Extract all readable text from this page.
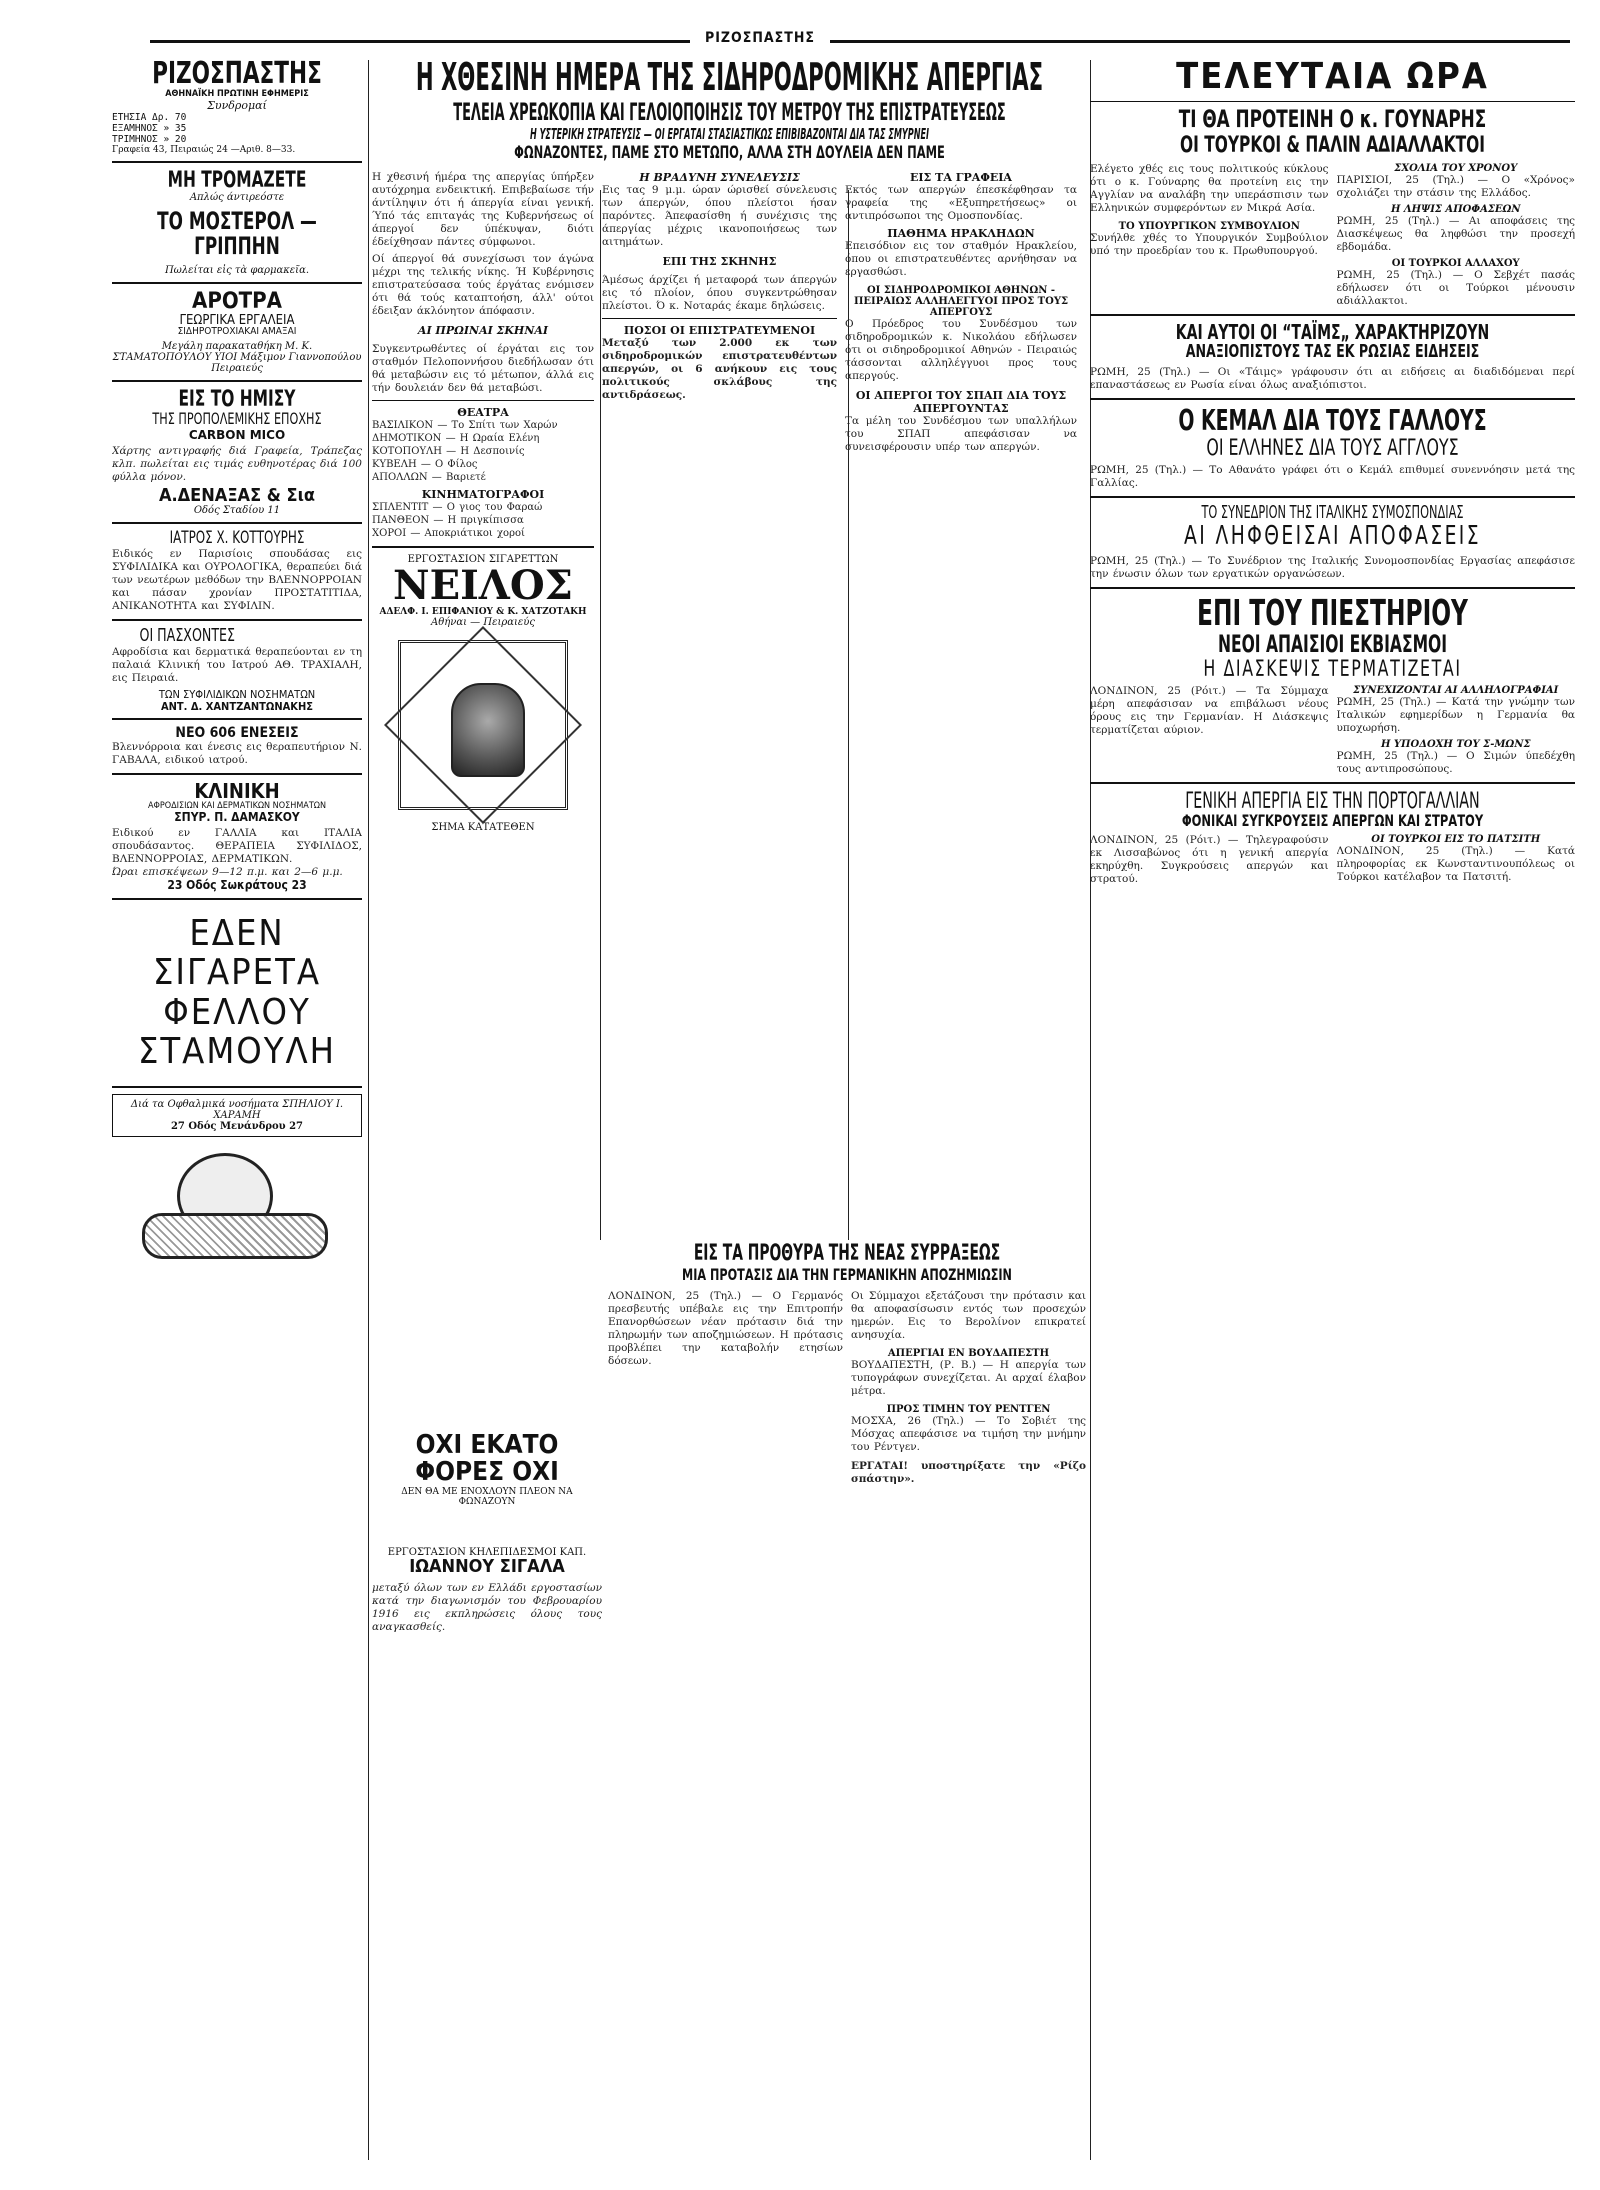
ΡΙΖΟΣΠΑΣΤΗΣ
ΡΙΖΟΣΠΑΣΤΗΣ
ΑΘΗΝΑΪΚΗ ΠΡΩΤΙΝΗ ΕΦΗΜΕΡΙΣ
Συνδρομαί
ΕΤΗΣΙΑ Δρ. 70
ΕΞΑΜΗΝΟΣ » 35
ΤΡΙΜΗΝΟΣ » 20
Γραφεία 43, Πειραιώς 24 —Αριθ. 8—33.
ΜΗ ΤΡΟΜΑΖΕΤΕ
Απλώς άντιρεόστε
ΤΟ ΜΟΣΤΕΡΟΛ — ΓΡΙΠΠΗΝ
Πωλείται εἰς τὰ φαρμακεῖα.
ΑΡΟΤΡΑ
ΓΕΩΡΓΙΚΑ ΕΡΓΑΛΕΙΑ
ΣΙΔΗΡΟΤΡΟΧΙΑΚΑΙ ΑΜΑΞΑΙ
Μεγάλη παρακαταθήκη Μ. Κ. ΣΤΑΜΑΤΟΠΟΥΛΟΥ ΥΙΟΙ Μάξιμον Γιαννοπούλου Πειραιεύς
ΕΙΣ ΤΟ ΗΜΙΣΥ
ΤΗΣ ΠΡΟΠΟΛΕΜΙΚΗΣ ΕΠΟΧΗΣ
CARBON MICO
Χάρτης αντιγραφής διά Γραφεία, Τράπεζας κλπ. πωλείται εις τιμάς ευθηνοτέρας διά 100 φύλλα μόνον.
Α.ΔΕΝΑΞΑΣ & Σια
Οδός Σταδίου 11
ΙΑΤΡΟΣ Χ. ΚΟΤΤΟΥΡΗΣ
Ειδικός εν Παρισίοις σπουδάσας εις ΣΥΦΙΛΙΔΙΚΑ και ΟΥΡΟΛΟΓΙΚΑ, θεραπεύει διά των νεωτέρων μεθόδων την ΒΛΕΝΝΟΡΡΟΙΑΝ και πάσαν χρονίαν ΠΡΟΣΤΑΤΙΤΙΔΑ, ΑΝΙΚΑΝΟΤΗΤΑ και ΣΥΦΙΛΙΝ.
ΟΙ ΠΑΣΧΟΝΤΕΣ
Αφροδίσια και δερματικά θεραπεύονται εν τη παλαιά Κλινική του Ιατρού ΑΘ. ΤΡΑΧΙΑΛΗ, εις Πειραιά.
ΤΩΝ ΣΥΦΙΛΙΔΙΚΩΝ ΝΟΣΗΜΑΤΩΝ
ΑΝΤ. Δ. ΧΑΝΤΖΑΝΤΩΝΑΚΗΣ
ΝΕΟ 606 ΕΝΕΣΕΙΣ
Βλεννόρροια και ένεσις εις θεραπευτήριον Ν. ΓΑΒΑΛΑ, ειδικού ιατρού.
ΚΛΙΝΙΚΗ
ΑΦΡΟΔΙΣΙΩΝ ΚΑΙ ΔΕΡΜΑΤΙΚΩΝ ΝΟΣΗΜΑΤΩΝ
ΣΠΥΡ. Π. ΔΑΜΑΣΚΟΥ
Ειδικού εν ΓΑΛΛΙΑ και ΙΤΑΛΙΑ σπουδάσαντος. ΘΕΡΑΠΕΙΑ ΣΥΦΙΛΙΔΟΣ, ΒΛΕΝΝΟΡΡΟΙΑΣ, ΔΕΡΜΑΤΙΚΩΝ.
Ώραι επισκέψεων 9—12 π.μ. και 2—6 μ.μ.
23 Οδός Σωκράτους 23
ΕΔΕΝ ΣΙΓΑΡΕΤΑ ΦΕΛΛΟΥ ΣΤΑΜΟΥΛΗ
Διά τα Οφθαλμικά νοσήματα ΣΠΗΛΙΟΥ Ι. ΧΑΡΑΜΗ
27 Οδός Μενάνδρου 27
Η ΧΘΕΣΙΝΗ ΗΜΕΡΑ ΤΗΣ ΣΙΔΗΡΟΔΡΟΜΙΚΗΣ ΑΠΕΡΓΙΑΣ
ΤΕΛΕΙΑ ΧΡΕΩΚΟΠΙΑ ΚΑΙ ΓΕΛΟΙΟΠΟΙΗΣΙΣ ΤΟΥ ΜΕΤΡΟΥ ΤΗΣ ΕΠΙΣΤΡΑΤΕΥΣΕΩΣ
Η ΥΣΤΕΡΙΚΗ ΣΤΡΑΤΕΥΣΙΣ — ΟΙ ΕΡΓΑΤΑΙ ΣΤΑΣΙΑΣΤΙΚΩΣ ΕΠΙΒΙΒΑΖΟΝΤΑΙ ΔΙΑ ΤΑΣ ΣΜΥΡΝΕΙ
ΦΩΝΑΖΟΝΤΕΣ, ΠΑΜΕ ΣΤΟ ΜΕΤΩΠΟ, ΑΛΛΑ ΣΤΗ ΔΟΥΛΕΙΑ ΔΕΝ ΠΑΜΕ
Η χθεσινή ήμέρα της απεργίας ύπήρξεν αυτόχρημα ενδεικτική. Επιβεβαίωσε τήν άντίληψιν ότι ή άπεργία είναι γενική. Ύπό τάς επιταγάς της Κυβερνήσεως οί άπεργοί δεν ύπέκυψαν, διότι έδείχθησαν πάντες σύμφωνοι.
Οί άπεργοί θά συνεχίσωσι τον άγώνα μέχρι της τελικής νίκης. Ή Κυβέρνησις επιστρατεύσασα τούς έργάτας ενόμισεν ότι θά τούς καταπτοήση, άλλ' ούτοι έδειξαν άκλόνητον άπόφασιν.
ΑΙ ΠΡΩΙΝΑΙ ΣΚΗΝΑΙ
Συγκεντρωθέντες οί έργάται εις τον σταθμόν Πελοποννήσου διεδήλωσαν ότι θά μεταβώσιν εις τό μέτωπον, άλλά εις τήν δουλειάν δεν θά μεταβώσι.
ΘΕΑΤΡΑ
ΒΑΣΙΛΙΚΟΝ — Το Σπίτι των Χαρών
ΔΗΜΟΤΙΚΟΝ — Η Ωραία Ελένη
ΚΟΤΟΠΟΥΛΗ — Η Δεσποινίς
ΚΥΒΕΛΗ — Ο Φίλος
ΑΠΟΛΛΩΝ — Βαριετέ
ΚΙΝΗΜΑΤΟΓΡΑΦΟΙ
ΣΠΛΕΝΤΙΤ — Ο γιος του Φαραώ
ΠΑΝΘΕΟΝ — Η πριγκίπισσα
ΧΟΡΟΙ — Αποκριάτικοι χοροί
ΕΡΓΟΣΤΑΣΙΟΝ ΣΙΓΑΡΕΤΤΩΝ
ΝΕΙΛΟΣ
ΑΔΕΛΦ. Ι. ΕΠΙΦΑΝΙΟΥ & Κ. ΧΑΤΖΟΤΑΚΗ
Αθήναι — Πειραιεύς
ΣΗΜΑ ΚΑΤΑΤΕΘΕΝ
Η ΒΡΑΔΥΝΗ ΣΥΝΕΛΕΥΣΙΣ
Εις τας 9 μ.μ. ώραν ώρισθεί σύνελευσις των άπεργών, όπου πλείστοι ήσαν παρόντες. Άπεφασίσθη ή συνέχισις της άπεργίας μέχρις ικανοποιήσεως των αιτημάτων.
ΕΠΙ ΤΗΣ ΣΚΗΝΗΣ
Άμέσως άρχίζει ή μεταφορά των άπεργών εις τό πλοίον, όπου συγκεντρώθησαν πλείστοι. Ό κ. Νοταράς έκαμε δηλώσεις.
ΠΟΣΟΙ ΟΙ ΕΠΙΣΤΡΑΤΕΥΜΕΝΟΙ
Μεταξύ των 2.000 εκ των σιδηροδρομικών επιστρατευθέντων απεργών, οι 6 ανήκουν εις τους πολιτικούς σκλάβους της αντιδράσεως.
ΕΙΣ ΤΑ ΓΡΑΦΕΙΑ
Εκτός των απεργών έπεσκέφθησαν τα γραφεία της «Εξυπηρετήσεως» οι αντιπρόσωποι της Ομοσπονδίας.
ΠΑΘΗΜΑ ΗΡΑΚΛΗΔΩΝ
Επεισόδιον εις τον σταθμόν Ηρακλείου, όπου οι επιστρατευθέντες αρνήθησαν να εργασθώσι.
ΟΙ ΣΙΔΗΡΟΔΡΟΜΙΚΟΙ ΑΘΗΝΩΝ - ΠΕΙΡΑΙΩΣ ΑΛΛΗΛΕΓΓΥΟΙ ΠΡΟΣ ΤΟΥΣ ΑΠΕΡΓΟΥΣ
Ο Πρόεδρος του Συνδέσμου των σιδηροδρομικών κ. Νικολάου εδήλωσεν ότι οι σιδηροδρομικοί Αθηνών - Πειραιώς τάσσονται αλληλέγγυοι προς τους απεργούς.
ΟΙ ΑΠΕΡΓΟΙ ΤΟΥ ΣΠΑΠ ΔΙΑ ΤΟΥΣ ΑΠΕΡΓΟΥΝΤΑΣ
Τα μέλη του Συνδέσμου των υπαλλήλων του ΣΠΑΠ απεφάσισαν να συνεισφέρουσιν υπέρ των απεργών.
ΟΧΙ ΕΚΑΤΟ ΦΟΡΕΣ ΟΧΙ
ΔΕΝ ΘΑ ΜΕ ΕΝΟΧΛΟΥΝ ΠΛΕΟΝ ΝΑ ΦΩΝΑΖΟΥΝ
ΕΡΓΟΣΤΑΣΙΟΝ ΚΗΛΕΠΙΔΕΣΜΟΙ ΚΑΠ.
ΙΩΑΝΝΟΥ ΣΙΓΑΛΑ
μεταξύ όλων των εν Ελλάδι εργοστασίων κατά την διαγωνισμόν του Φεβρουαρίου 1916 εις εκπληρώσεις όλους τους αναγκασθείς.
ΕΙΣ ΤΑ ΠΡΟΘΥΡΑ ΤΗΣ ΝΕΑΣ ΣΥΡΡΑΞΕΩΣ
ΜΙΑ ΠΡΟΤΑΣΙΣ ΔΙΑ ΤΗΝ ΓΕΡΜΑΝΙΚΗΝ ΑΠΟΖΗΜΙΩΣΙΝ
ΛΟΝΔΙΝΟΝ, 25 (Τηλ.) — Ο Γερμανός πρεσβευτής υπέβαλε εις την Επιτροπήν Επανορθώσεων νέαν πρότασιν διά την πληρωμήν των αποζημιώσεων. Η πρότασις προβλέπει την καταβολήν ετησίων δόσεων.
Οι Σύμμαχοι εξετάζουσι την πρότασιν και θα αποφασίσωσιν εντός των προσεχών ημερών. Εις το Βερολίνον επικρατεί ανησυχία.
ΑΠΕΡΓΙΑΙ ΕΝ ΒΟΥΔΑΠΕΣΤΗ
ΒΟΥΔΑΠΕΣΤΗ, (Ρ. Β.) — Η απεργία των τυπογράφων συνεχίζεται. Αι αρχαί έλαβον μέτρα.
ΠΡΟΣ ΤΙΜΗΝ ΤΟΥ ΡΕΝΤΓΕΝ
ΜΟΣΧΑ, 26 (Τηλ.) — Το Σοβιέτ της Μόσχας απεφάσισε να τιμήση την μνήμην του Ρέντγεν.
ΕΡΓΑΤΑΙ! υποστηρίξατε την «Ρίζο σπάστην».
ΤΕΛΕΥΤΑΙΑ ΩΡΑ
ΤΙ ΘΑ ΠΡΟΤΕΙΝΗ Ο κ. ΓΟΥΝΑΡΗΣ
ΟΙ ΤΟΥΡΚΟΙ & ΠΑΛΙΝ ΑΔΙΑΛΛΑΚΤΟΙ
Ελέγετο χθές εις τους πολιτικούς κύκλους ότι ο κ. Γούναρης θα προτείνη εις την Αγγλίαν να αναλάβη την υπεράσπισιν των Ελληνικών συμφερόντων εν Μικρά Ασία.
ΤΟ ΥΠΟΥΡΓΙΚΟΝ ΣΥΜΒΟΥΛΙΟΝ
Συνήλθε χθές το Υπουργικόν Συμβούλιον υπό την προεδρίαν του κ. Πρωθυπουργού.
ΣΧΟΛΙΑ ΤΟΥ ΧΡΟΝΟΥ
ΠΑΡΙΣΙΟΙ, 25 (Τηλ.) — Ο «Χρόνος» σχολιάζει την στάσιν της Ελλάδος.
Η ΛΗΨΙΣ ΑΠΟΦΑΣΕΩΝ
ΡΩΜΗ, 25 (Τηλ.) — Αι αποφάσεις της Διασκέψεως θα ληφθώσι την προσεχή εβδομάδα.
ΟΙ ΤΟΥΡΚΟΙ ΑΛΛΑΧΟΥ
ΡΩΜΗ, 25 (Τηλ.) — Ο Σεβχέτ πασάς εδήλωσεν ότι οι Τούρκοι μένουσιν αδιάλλακτοι.
ΚΑΙ ΑΥΤΟΙ ΟΙ “ΤΑΪΜΣ„ ΧΑΡΑΚΤΗΡΙΖΟΥΝ
ΑΝΑΞΙΟΠΙΣΤΟΥΣ ΤΑΣ ΕΚ ΡΩΣΙΑΣ ΕΙΔΗΣΕΙΣ
ΡΩΜΗ, 25 (Τηλ.) — Οι «Τάιμς» γράφουσιν ότι αι ειδήσεις αι διαδιδόμεναι περί επαναστάσεως εν Ρωσία είναι όλως αναξιόπιστοι.
Ο ΚΕΜΑΛ ΔΙΑ ΤΟΥΣ ΓΑΛΛΟΥΣ
ΟΙ ΕΛΛΗΝΕΣ ΔΙΑ ΤΟΥΣ ΑΓΓΛΟΥΣ
ΡΩΜΗ, 25 (Τηλ.) — Το Αθανάτο γράφει ότι ο Κεμάλ επιθυμεί συνεννόησιν μετά της Γαλλίας.
ΤΟ ΣΥΝΕΔΡΙΟΝ ΤΗΣ ΙΤΑΛΙΚΗΣ ΣΥΜΟΣΠΟΝΔΙΑΣ
ΑΙ ΛΗΦΘΕΙΣΑΙ ΑΠΟΦΑΣΕΙΣ
ΡΩΜΗ, 25 (Τηλ.) — Το Συνέδριον της Ιταλικής Συνομοσπονδίας Εργασίας απεφάσισε την ένωσιν όλων των εργατικών οργανώσεων.
ΕΠΙ ΤΟΥ ΠΙΕΣΤΗΡΙΟΥ
ΝΕΟΙ ΑΠΑΙΣΙΟΙ ΕΚΒΙΑΣΜΟΙ
Η ΔΙΑΣΚΕΨΙΣ ΤΕΡΜΑΤΙΖΕΤΑΙ
ΛΟΝΔΙΝΟΝ, 25 (Ρόιτ.) — Τα Σύμμαχα μέρη απεφάσισαν να επιβάλωσι νέους όρους εις την Γερμανίαν. Η Διάσκεψις τερματίζεται αύριον.
ΣΥΝΕΧΙΖΟΝΤΑΙ ΑΙ ΑΛΛΗΛΟΓΡΑΦΙΑΙ
ΡΩΜΗ, 25 (Τηλ.) — Κατά την γνώμην των Ιταλικών εφημερίδων η Γερμανία θα υποχωρήση.
Η ΥΠΟΔΟΧΗ ΤΟΥ Σ-ΜΩΝΣ
ΡΩΜΗ, 25 (Τηλ.) — Ο Σιμών ύπεδέχθη τους αντιπροσώπους.
ΓΕΝΙΚΗ ΑΠΕΡΓΙΑ ΕΙΣ ΤΗΝ ΠΟΡΤΟΓΑΛΛΙΑΝ
ΦΟΝΙΚΑΙ ΣΥΓΚΡΟΥΣΕΙΣ ΑΠΕΡΓΩΝ ΚΑΙ ΣΤΡΑΤΟΥ
ΛΟΝΔΙΝΟΝ, 25 (Ρόιτ.) — Τηλεγραφούσιν εκ Λισσαβώνος ότι η γενική απεργία εκηρύχθη. Συγκρούσεις απεργών και στρατού.
ΟΙ ΤΟΥΡΚΟΙ ΕΙΣ ΤΟ ΠΑΤΣΙΤΗ
ΛΟΝΔΙΝΟΝ, 25 (Τηλ.) — Κατά πληροφορίας εκ Κωνσταντινουπόλεως οι Τούρκοι κατέλαβον τα Πατσιτή.
